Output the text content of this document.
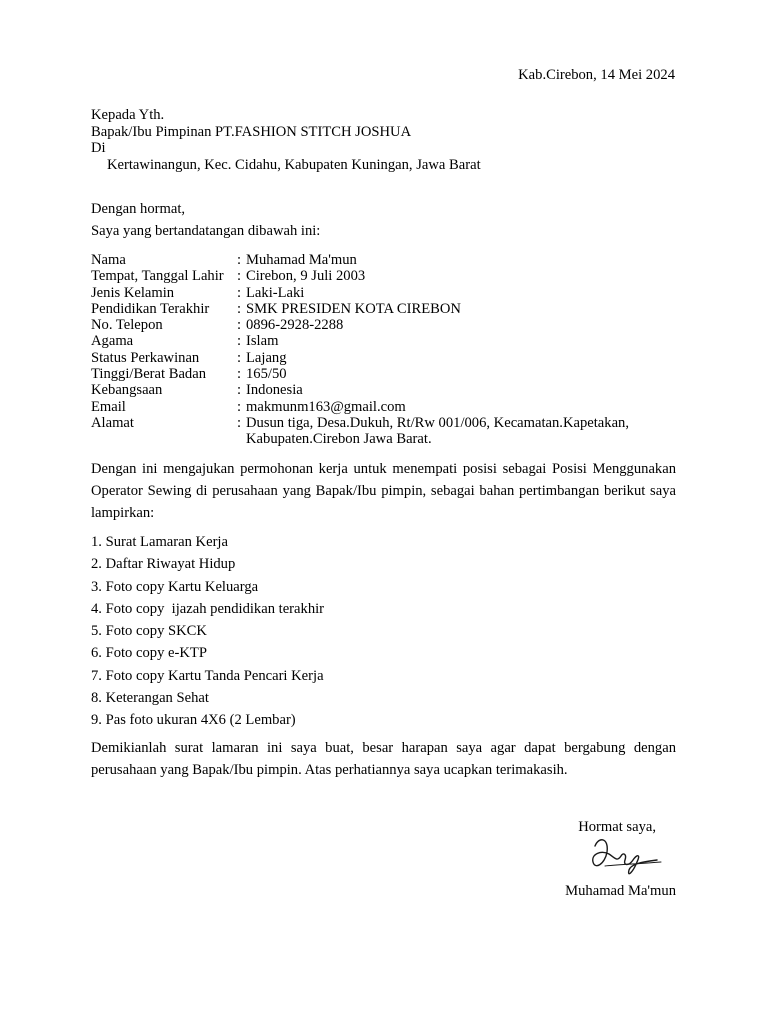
Kab.Cirebon, 14 Mei 2024
Kepada Yth.
Bapak/Ibu Pimpinan PT.FASHION STITCH JOSHUA
Di
Kertawinangun, Kec. Cidahu, Kabupaten Kuningan, Jawa Barat
Dengan hormat,
Saya yang bertandatangan dibawah ini:
Nama	: Muhamad Ma'mun
Tempat, Tanggal Lahir : Cirebon, 9 Juli 2003
Jenis Kelamin	: Laki-Laki
Pendidikan Terakhir	: SMK PRESIDEN KOTA CIREBON
No. Telepon	: 0896-2928-2288
Agama	: Islam
Status Perkawinan	: Lajang
Tinggi/Berat Badan	: 165/50
Kebangsaan	: Indonesia
Email	: makmunm163@gmail.com
Alamat	: Dusun tiga, Desa.Dukuh, Rt/Rw 001/006, Kecamatan.Kapetakan,
Kabupaten.Cirebon Jawa Barat.
Dengan ini mengajukan permohonan kerja untuk menempati posisi sebagai Posisi Menggunakan Operator Sewing di perusahaan yang Bapak/Ibu pimpin, sebagai bahan pertimbangan berikut saya lampirkan:
1. Surat Lamaran Kerja
2. Daftar Riwayat Hidup
3. Foto copy Kartu Keluarga
4. Foto copy  ijazah pendidikan terakhir
5. Foto copy SKCK
6. Foto copy e-KTP
7. Foto copy Kartu Tanda Pencari Kerja
8. Keterangan Sehat
9. Pas foto ukuran 4X6 (2 Lembar)
Demikianlah surat lamaran ini saya buat, besar harapan saya agar dapat bergabung dengan perusahaan yang Bapak/Ibu pimpin. Atas perhatiannya saya ucapkan terimakasih.
Hormat saya,
Muhamad Ma'mun
